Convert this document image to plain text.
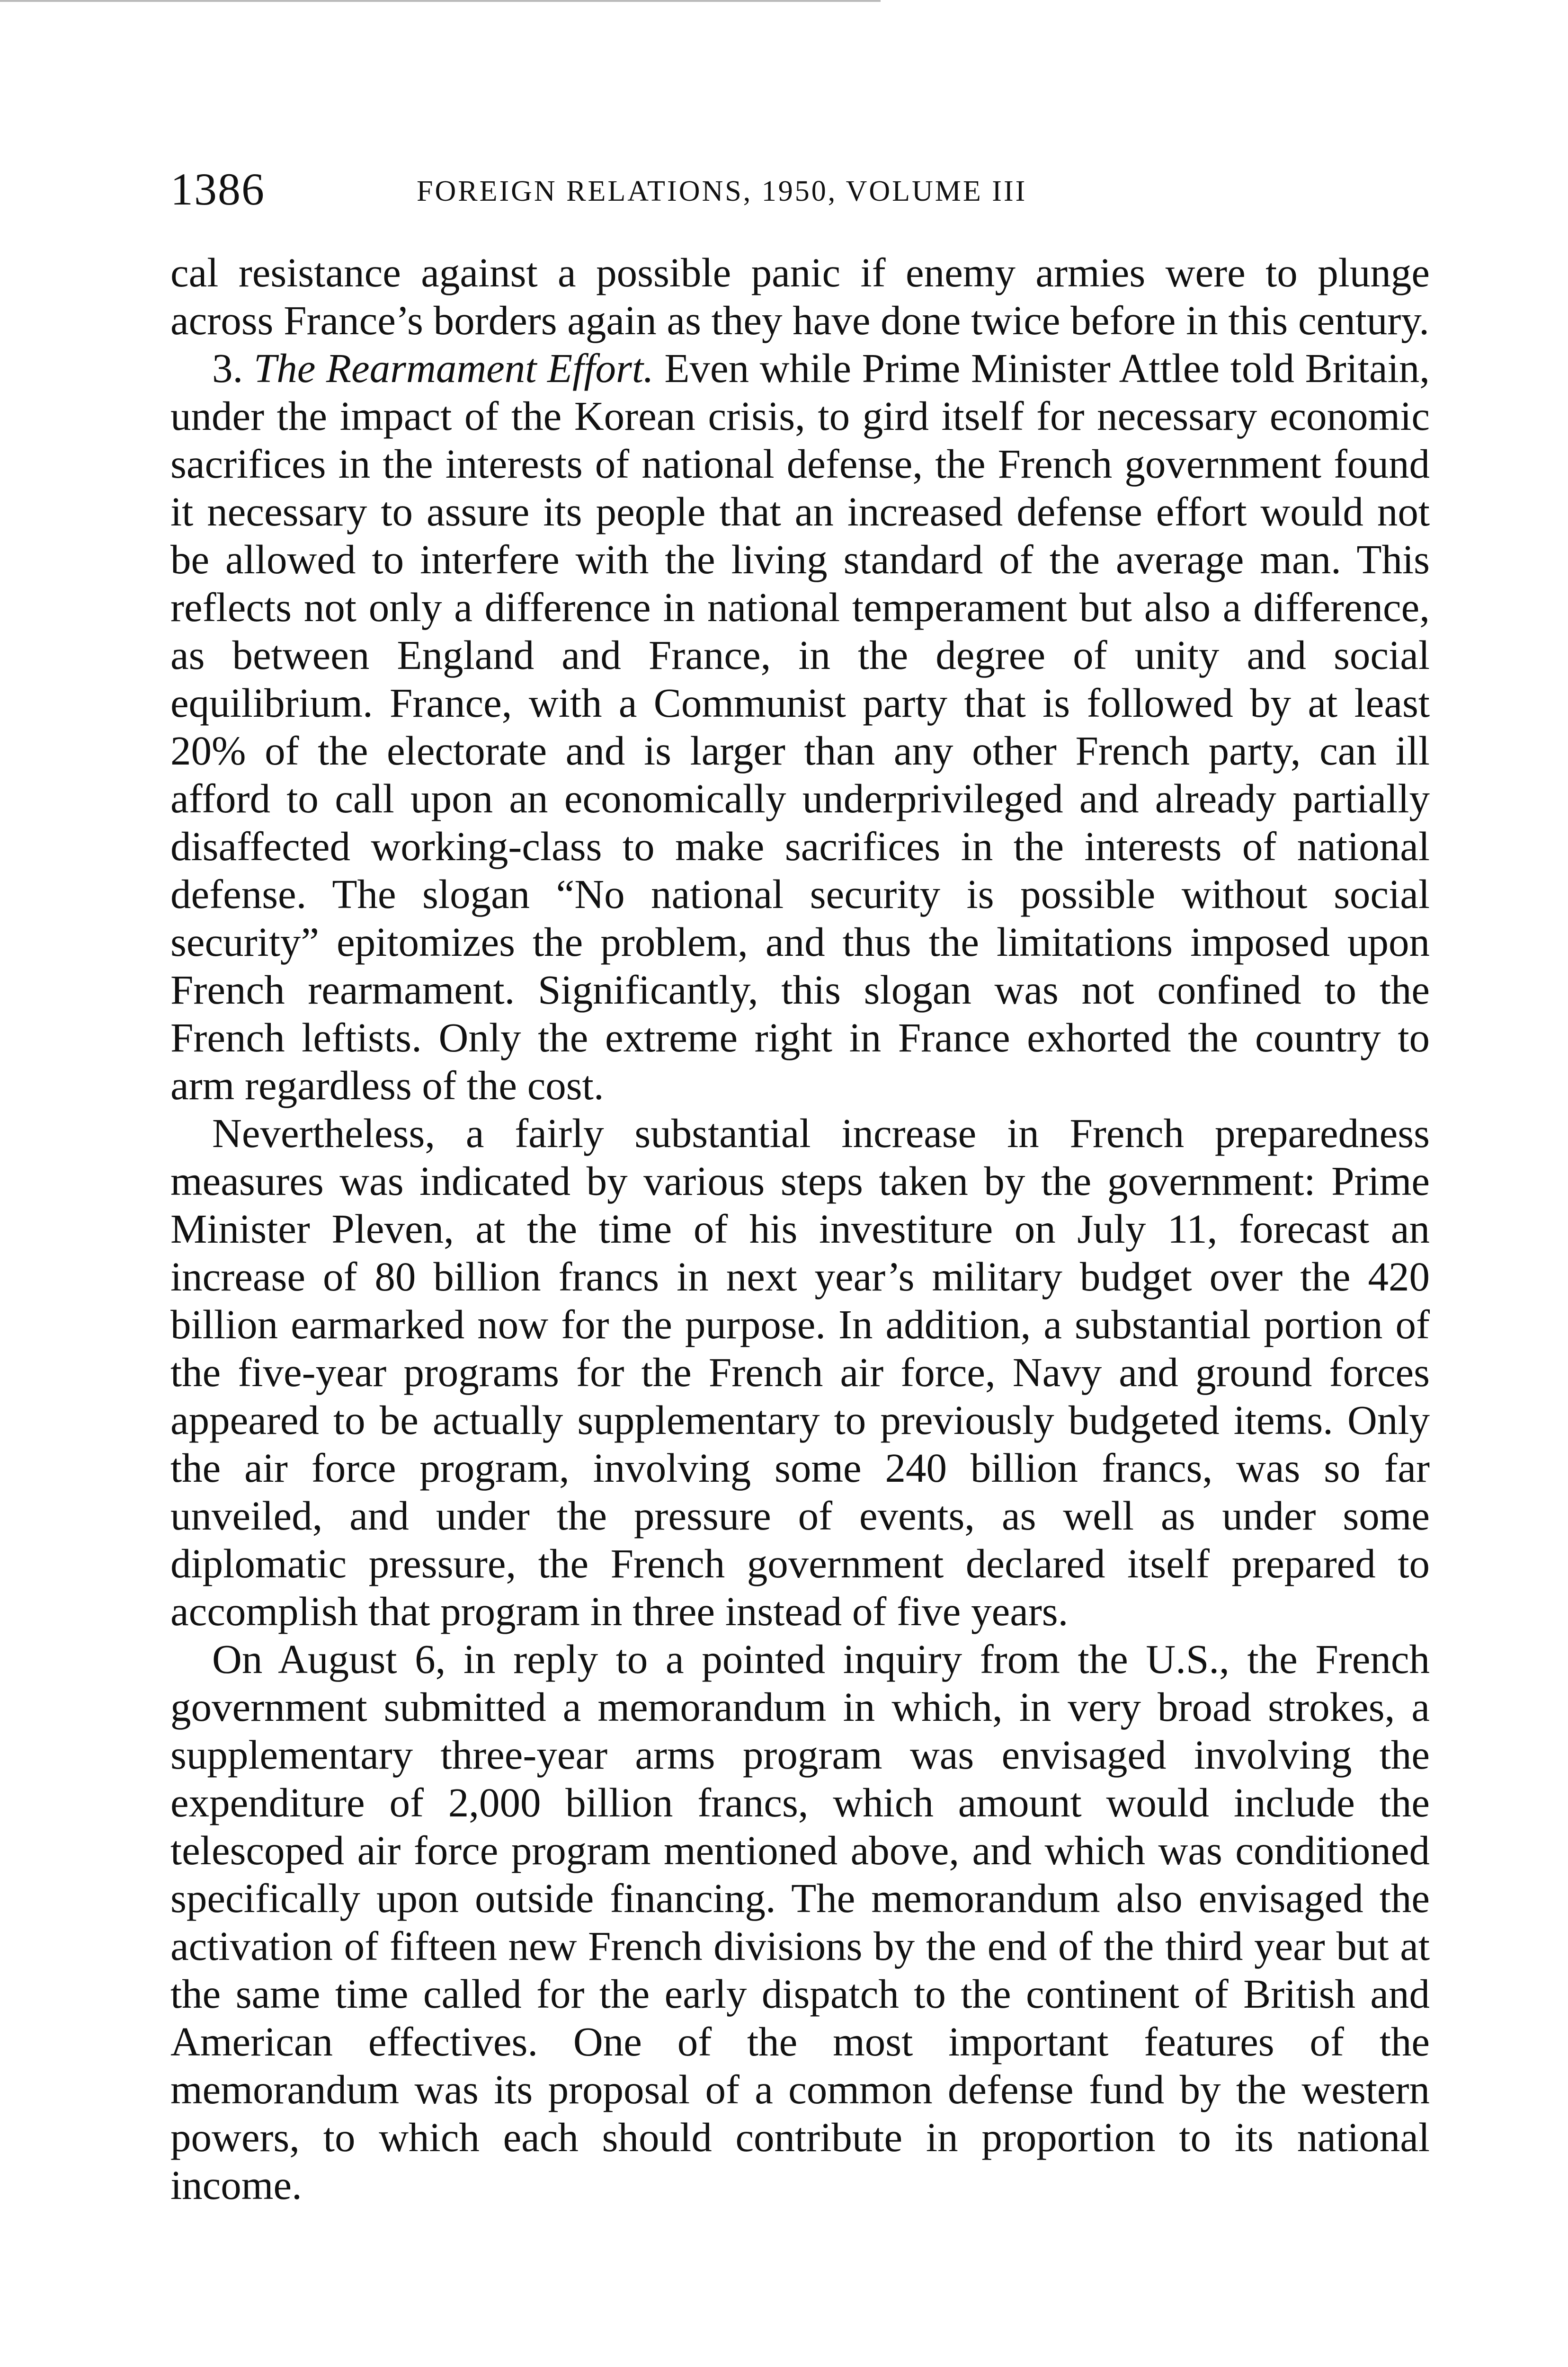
1386	FOREIGN RELATIONS, 1950, VOLUME III

cal resistance against a possible panic if enemy armies were to plunge across France’s borders again as they have done twice before in this century.

3. The Rearmament Effort. Even while Prime Minister Attlee told Britain, under the impact of the Korean crisis, to gird itself for necessary economic sacrifices in the interests of national defense, the French government found it necessary to assure its people that an increased defense effort would not be allowed to interfere with the living standard of the average man. This reflects not only a difference in national temperament but also a difference, as between England and France, in the degree of unity and social equilibrium. France, with a Communist party that is followed by at least 20% of the electorate and is larger than any other French party, can ill afford to call upon an economically underprivileged and already partially disaffected working-class to make sacrifices in the interests of national defense. The slogan “No national security is possible without social security” epitomizes the problem, and thus the limitations imposed upon French rearmament. Significantly, this slogan was not confined to the French leftists. Only the extreme right in France exhorted the country to arm regardless of the cost.

Nevertheless, a fairly substantial increase in French preparedness measures was indicated by various steps taken by the government: Prime Minister Pleven, at the time of his investiture on July 11, forecast an increase of 80 billion francs in next year’s military budget over the 420 billion earmarked now for the purpose. In addition, a substantial portion of the five-year programs for the French air force, Navy and ground forces appeared to be actually supplementary to previously budgeted items. Only the air force program, involving some 240 billion francs, was so far unveiled, and under the pressure of events, as well as under some diplomatic pressure, the French government declared itself prepared to accomplish that program in three instead of five years.

On August 6, in reply to a pointed inquiry from the U.S., the French government submitted a memorandum in which, in very broad strokes, a supplementary three-year arms program was envisaged involving the expenditure of 2,000 billion francs, which amount would include the telescoped air force program mentioned above, and which was conditioned specifically upon outside financing. The memorandum also envisaged the activation of fifteen new French divisions by the end of the third year but at the same time called for the early dispatch to the continent of British and American effectives. One of the most important features of the memorandum was its proposal of a common defense fund by the western powers, to which each should contribute in proportion to its national income.
